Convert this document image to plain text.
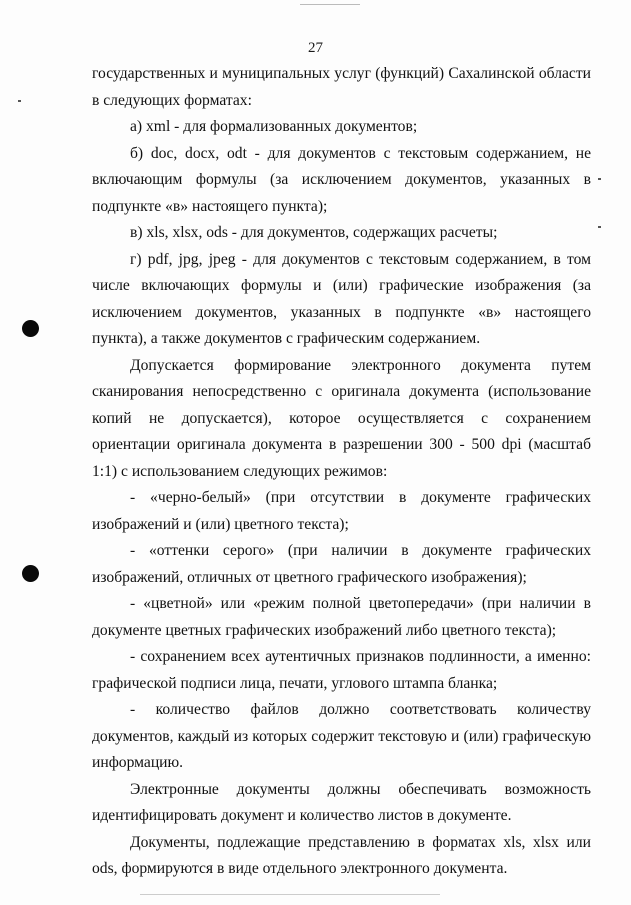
27

государственных и муниципальных услуг (функций) Сахалинской области в следующих форматах:

а) xml - для формализованных документов;

б) doc, docx, odt - для документов с текстовым содержанием, не включающим формулы (за исключением документов, указанных в подпункте «в» настоящего пункта);

в) xls, xlsx, ods - для документов, содержащих расчеты;

г) pdf, jpg, jpeg - для документов с текстовым содержанием, в том числе включающих формулы и (или) графические изображения (за исключением документов, указанных в подпункте «в» настоящего пункта), а также документов с графическим содержанием.

Допускается формирование электронного документа путем сканирования непосредственно с оригинала документа (использование копий не допускается), которое осуществляется с сохранением ориентации оригинала документа в разрешении 300 - 500 dpi (масштаб 1:1) с использованием следующих режимов:

- «черно-белый» (при отсутствии в документе графических изображений и (или) цветного текста);

- «оттенки серого» (при наличии в документе графических изображений, отличных от цветного графического изображения);

- «цветной» или «режим полной цветопередачи» (при наличии в документе цветных графических изображений либо цветного текста);

- сохранением всех аутентичных признаков подлинности, а именно: графической подписи лица, печати, углового штампа бланка;

- количество файлов должно соответствовать количеству документов, каждый из которых содержит текстовую и (или) графическую информацию.

Электронные документы должны обеспечивать возможность идентифицировать документ и количество листов в документе.

Документы, подлежащие представлению в форматах xls, xlsx или ods, формируются в виде отдельного электронного документа.
